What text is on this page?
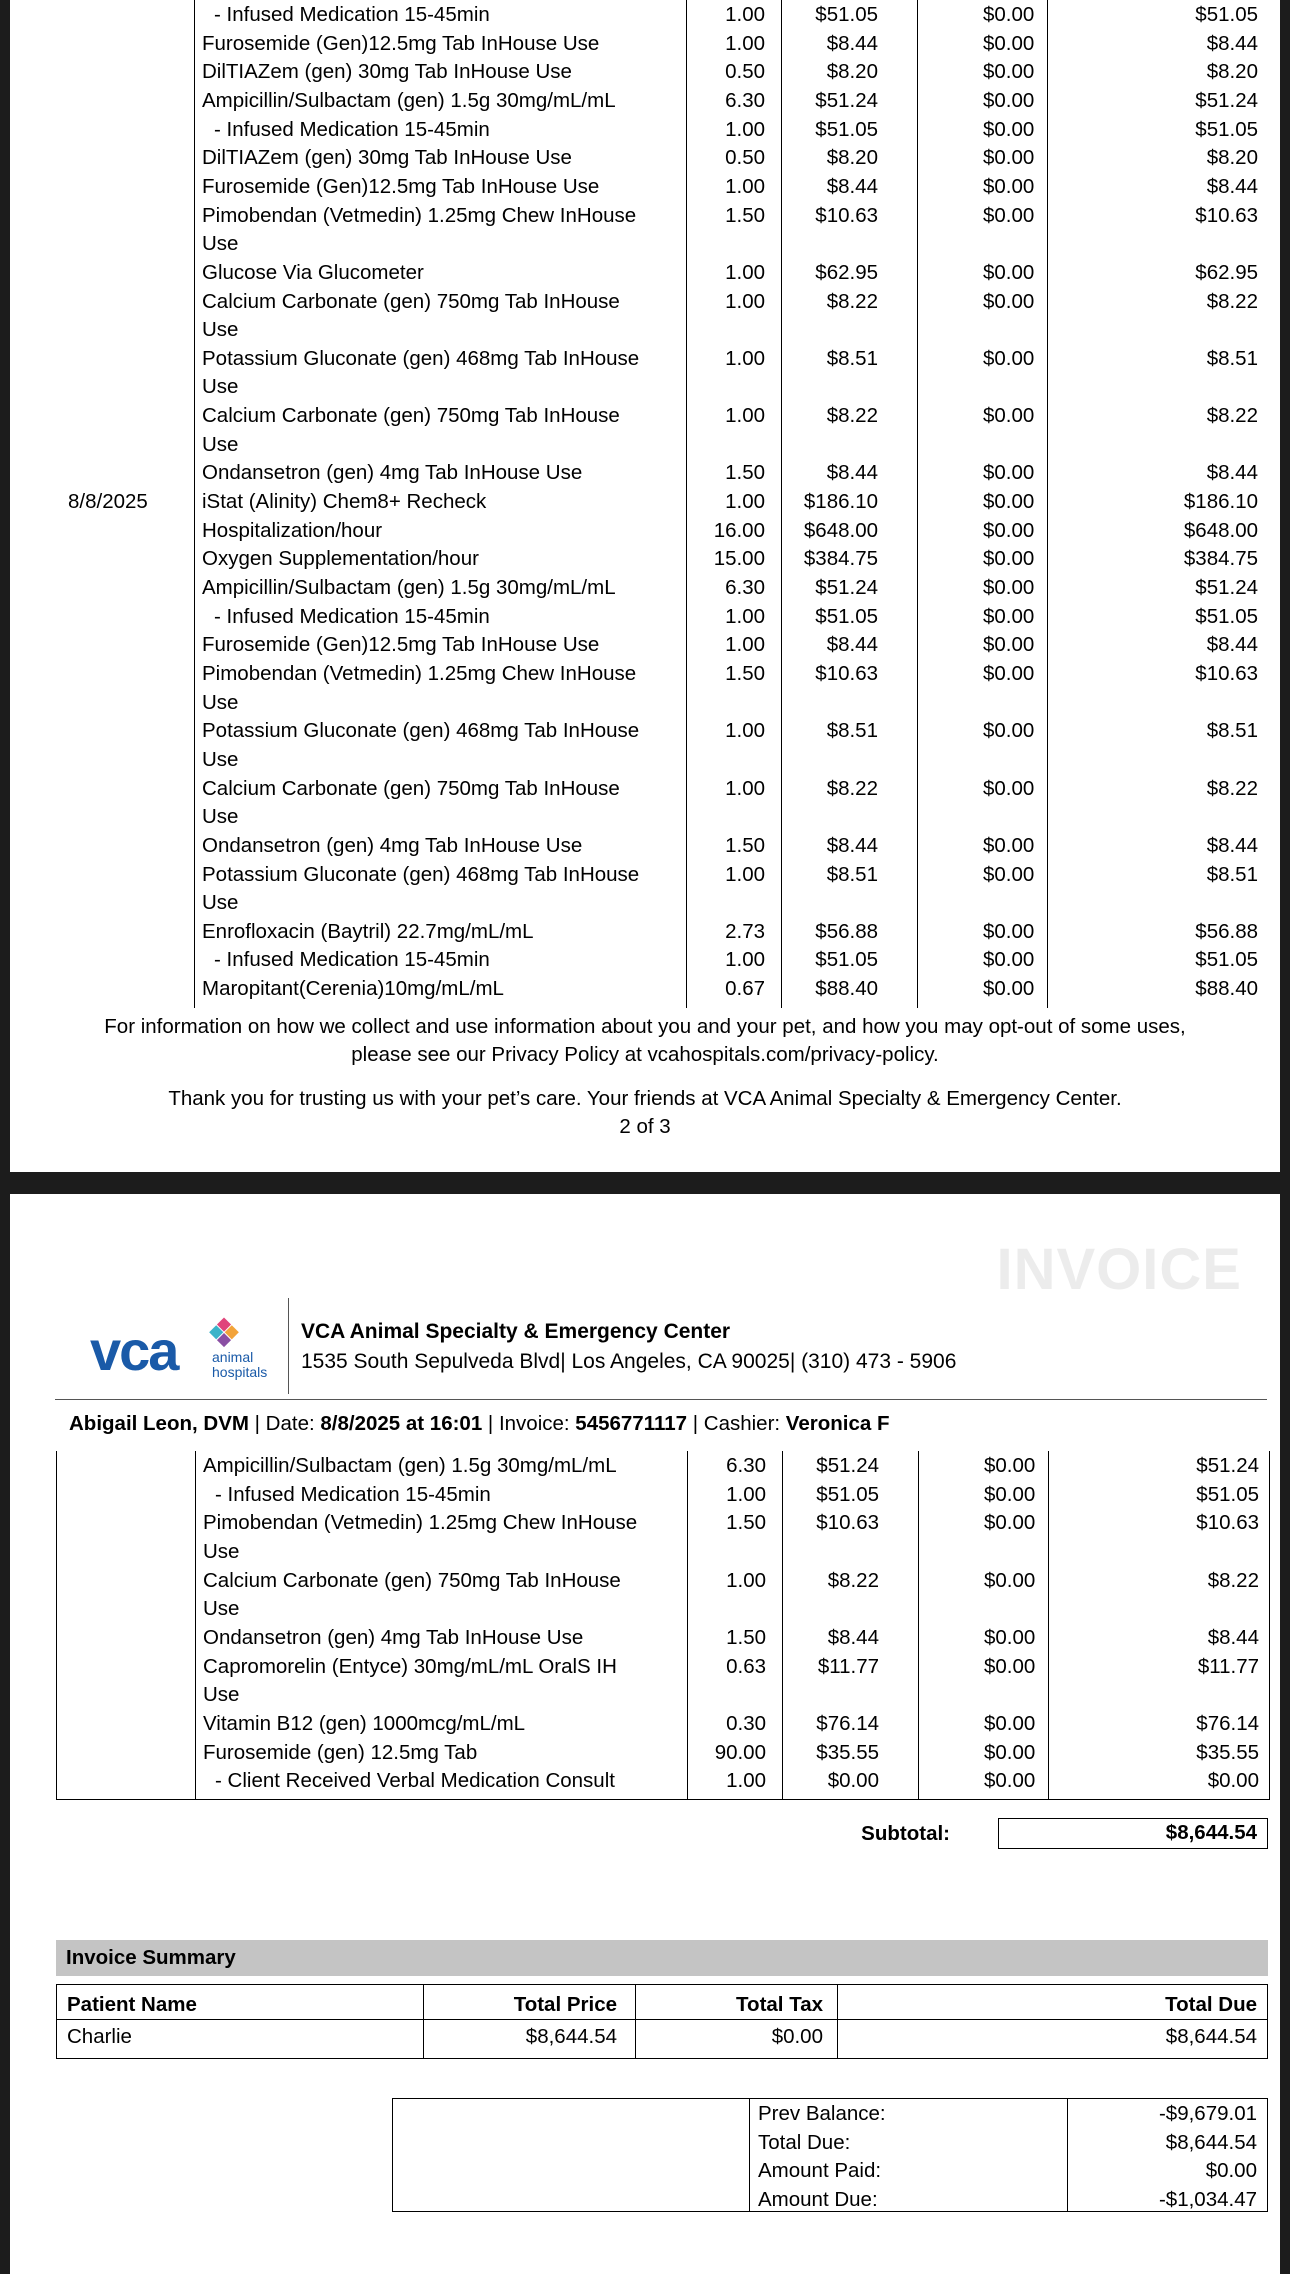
- Infused Medication 15-45min	1.00 $51.05	$0.00	$51.05
Furosemide (Gen)12.5mg Tab InHouse Use	1.00	$8.44	$0.00	$8.44
DilTIAZem (gen) 30mg Tab InHouse Use	0.50	$8.20	$0.00	$8.20
Ampicillin/Sulbactam (gen) 1.5g 30mg/mL/mL	6.30 $51.24	$0.00	$51.24
- Infused Medication 15-45min	1.00 $51.05	$0.00	$51.05
DilTIAZem (gen) 30mg Tab InHouse Use	0.50	$8.20	$0.00	$8.20
Furosemide (Gen)12.5mg Tab InHouse Use	1.00	$8.44	$0.00	$8.44
Pimobendan (Vetmedin) 1.25mg Chew InHouse	1.50 $10.63	$0.00	$10.63
Use
Glucose Via Glucometer	1.00 $62.95	$0.00	$62.95
Calcium Carbonate (gen) 750mg Tab InHouse	1.00	$8.22	$0.00	$8.22
Use
Potassium Gluconate (gen) 468mg Tab InHouse	1.00	$8.51	$0.00	$8.51
Use
Calcium Carbonate (gen) 750mg Tab InHouse	1.00	$8.22	$0.00	$8.22
Use
Ondansetron (gen) 4mg Tab InHouse Use	1.50	$8.44	$0.00	$8.44
8/8/2025	iStat (Alinity) Chem8+ Recheck	1.00 $186.10	$0.00	$186.10
Hospitalization/hour	16.00 $648.00	$0.00	$648.00
Oxygen Supplementation/hour	15.00 $384.75	$0.00	$384.75
Ampicillin/Sulbactam (gen) 1.5g 30mg/mL/mL	6.30 $51.24	$0.00	$51.24
- Infused Medication 15-45min	1.00 $51.05	$0.00	$51.05
Furosemide (Gen)12.5mg Tab InHouse Use	1.00	$8.44	$0.00	$8.44
Pimobendan (Vetmedin) 1.25mg Chew InHouse	1.50 $10.63	$0.00	$10.63
Use
Potassium Gluconate (gen) 468mg Tab InHouse	1.00	$8.51	$0.00	$8.51
Use
Calcium Carbonate (gen) 750mg Tab InHouse	1.00	$8.22	$0.00	$8.22
Use
Ondansetron (gen) 4mg Tab InHouse Use	1.50	$8.44	$0.00	$8.44
Potassium Gluconate (gen) 468mg Tab InHouse	1.00	$8.51	$0.00	$8.51
Use
Enrofloxacin (Baytril) 22.7mg/mL/mL	2.73 $56.88	$0.00	$56.88
- Infused Medication 15-45min	1.00 $51.05	$0.00	$51.05
Maropitant(Cerenia)10mg/mL/mL	0.67 $88.40	$0.00	$88.40
For information on how we collect and use information about you and your pet, and how you may opt-out of some uses,
please see our Privacy Policy at vcahospitals.com/privacy-policy.
Thank you for trusting us with your pet’s care. Your friends at VCA Animal Specialty & Emergency Center.
2 of 3
INVOICE
vca animal
hospitals
VCA Animal Specialty & Emergency Center
1535 South Sepulveda Blvd| Los Angeles, CA 90025| (310) 473 - 5906
Abigail Leon, DVM | Date: 8/8/2025 at 16:01 | Invoice: 5456771117 | Cashier: Veronica F
Ampicillin/Sulbactam (gen) 1.5g 30mg/mL/mL	6.30 $51.24	$0.00	$51.24
- Infused Medication 15-45min	1.00 $51.05	$0.00	$51.05
Pimobendan (Vetmedin) 1.25mg Chew InHouse	1.50 $10.63	$0.00	$10.63
Use
Calcium Carbonate (gen) 750mg Tab InHouse	1.00	$8.22	$0.00	$8.22
Use
Ondansetron (gen) 4mg Tab InHouse Use	1.50	$8.44	$0.00	$8.44
Capromorelin (Entyce) 30mg/mL/mL OralS IH	0.63	$11.77	$0.00	$11.77
Use
Vitamin B12 (gen) 1000mcg/mL/mL	0.30 $76.14	$0.00	$76.14
Furosemide (gen) 12.5mg Tab	90.00 $35.55	$0.00	$35.55
- Client Received Verbal Medication Consult	1.00	$0.00	$0.00	$0.00
Subtotal:	$8,644.54
Invoice Summary
Patient Name	Total Price	Total Tax	Total Due
Charlie	$8,644.54	$0.00	$8,644.54
Prev Balance:	-$9,679.01
Total Due:	$8,644.54
Amount Paid:	$0.00
Amount Due:	-$1,034.47
